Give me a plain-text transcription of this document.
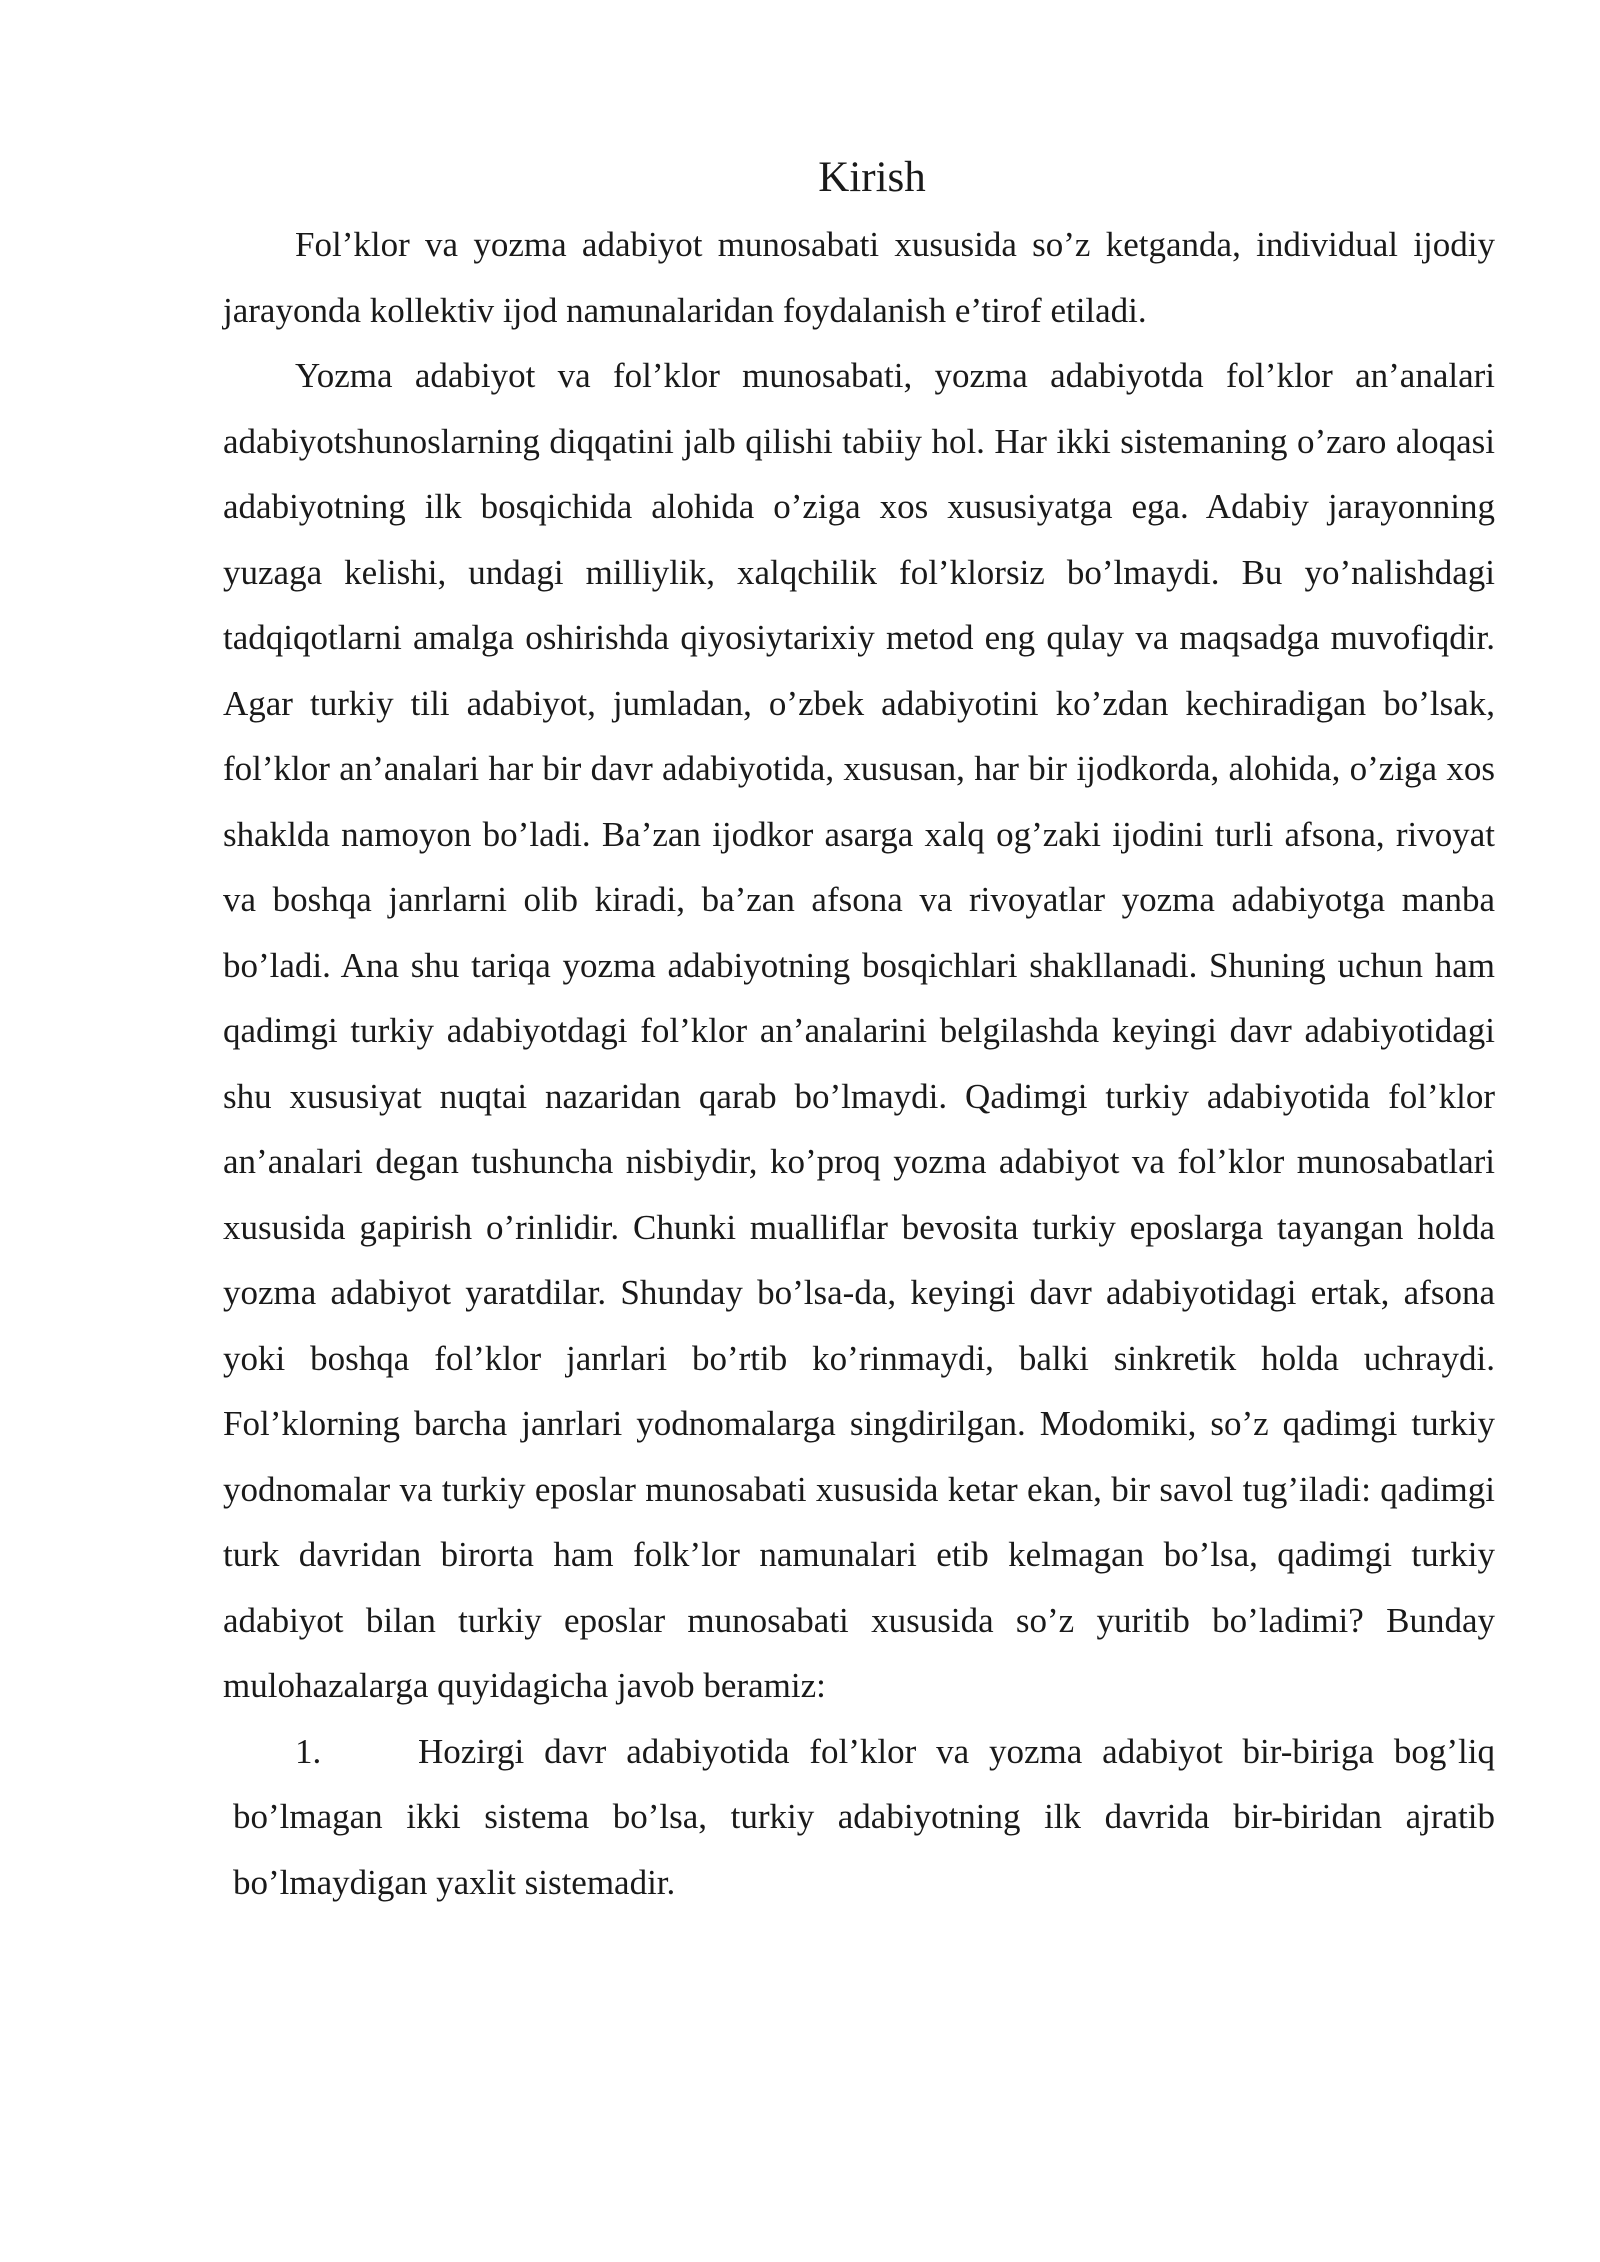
Kirish

Fol’klor va yozma adabiyot munosabati xususida so’z ketganda, individual ijodiy jarayonda kollektiv ijod namunalaridan foydalanish e’tirof etiladi.

Yozma adabiyot va fol’klor munosabati, yozma adabiyotda fol’klor an’analari adabiyotshunoslarning diqqatini jalb qilishi tabiiy hol. Har ikki sistemaning o’zaro aloqasi adabiyotning ilk bosqichida alohida o’ziga xos xususiyatga ega. Adabiy jarayonning yuzaga kelishi, undagi milliylik, xalqchilik fol’klorsiz bo’lmaydi. Bu yo’nalishdagi tadqiqotlarni amalga oshirishda qiyosiytarixiy metod eng qulay va maqsadga muvofiqdir. Agar turkiy tili adabiyot, jumladan, o’zbek adabiyotini ko’zdan kechiradigan bo’lsak, fol’klor an’analari har bir davr adabiyotida, xususan, har bir ijodkorda, alohida, o’ziga xos shaklda namoyon bo’ladi. Ba’zan ijodkor asarga xalq og’zaki ijodini turli afsona, rivoyat va boshqa janrlarni olib kiradi, ba’zan afsona va rivoyatlar yozma adabiyotga manba bo’ladi. Ana shu tariqa yozma adabiyotning bosqichlari shakllanadi. Shuning uchun ham qadimgi turkiy adabiyotdagi fol’klor an’analarini belgilashda keyingi davr adabiyotidagi shu xususiyat nuqtai nazaridan qarab bo’lmaydi. Qadimgi turkiy adabiyotida fol’klor an’analari degan tushuncha nisbiydir, ko’proq yozma adabiyot va fol’klor munosabatlari xususida gapirish o’rinlidir. Chunki mualliflar bevosita turkiy eposlarga tayangan holda yozma adabiyot yaratdilar. Shunday bo’lsa-da, keyingi davr adabiyotidagi ertak, afsona yoki boshqa fol’klor janrlari bo’rtib ko’rinmaydi, balki sinkretik holda uchraydi. Fol’klorning barcha janrlari yodnomalarga singdirilgan. Modomiki, so’z qadimgi turkiy yodnomalar va turkiy eposlar munosabati xususida ketar ekan, bir savol tug’iladi: qadimgi turk davridan birorta ham folk’lor namunalari etib kelmagan bo’lsa, qadimgi turkiy adabiyot bilan turkiy eposlar munosabati xususida so’z yuritib bo’ladimi? Bunday mulohazalarga quyidagicha javob beramiz:

1.	Hozirgi davr adabiyotida fol’klor va yozma adabiyot bir-biriga bog’liq bo’lmagan ikki sistema bo’lsa, turkiy adabiyotning ilk davrida bir-biridan ajratib bo’lmaydigan yaxlit sistemadir.
